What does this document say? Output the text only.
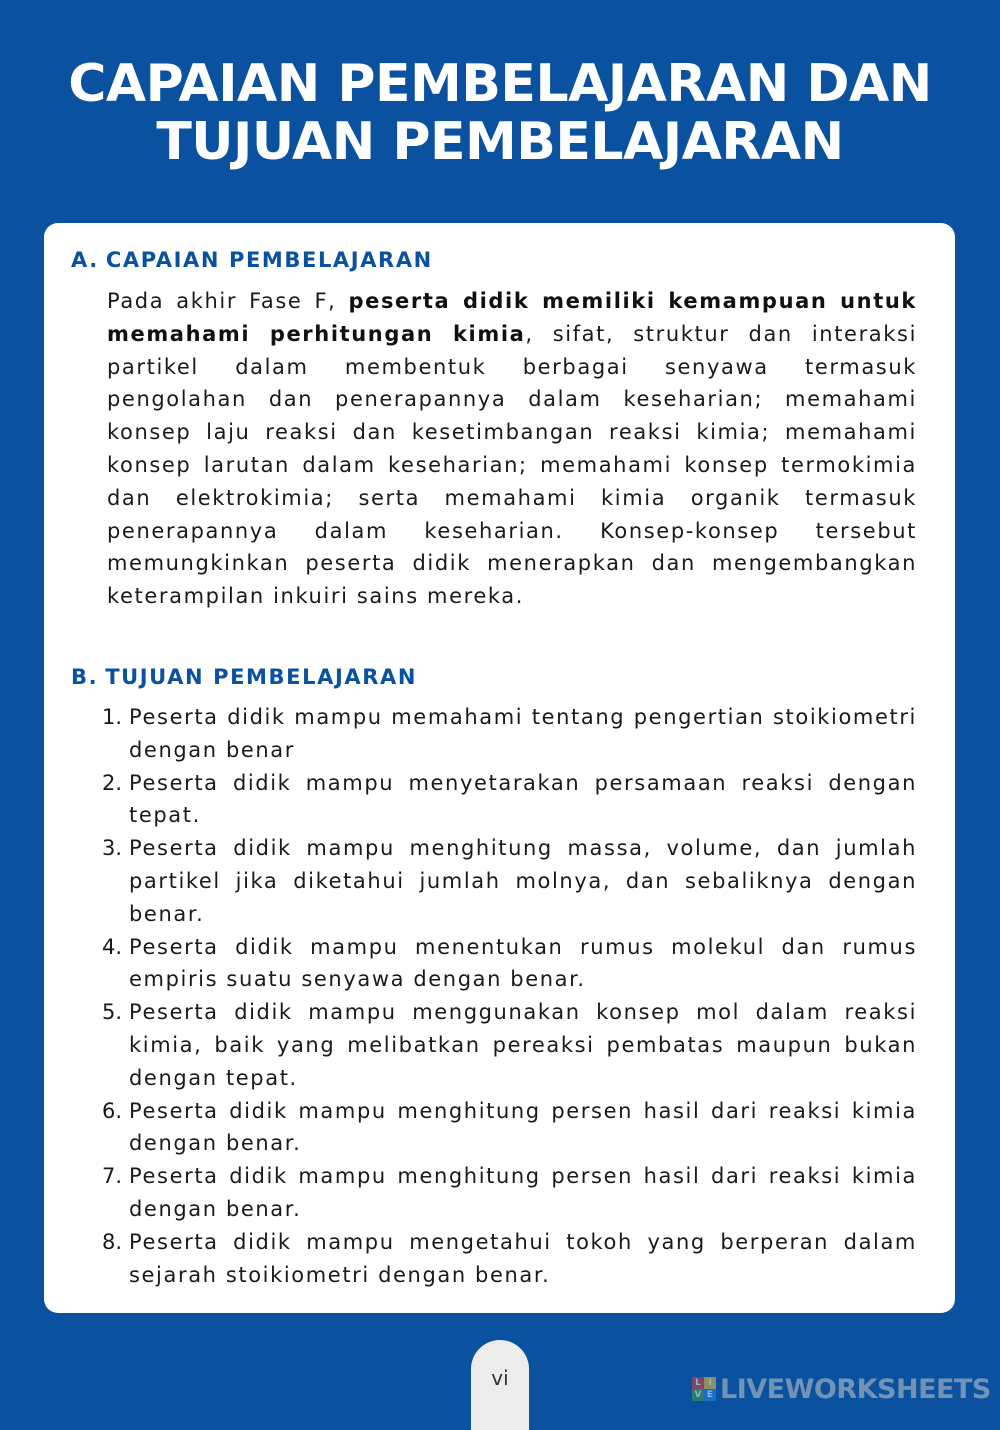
CAPAIAN PEMBELAJARAN DAN
TUJUAN PEMBELAJARAN
A. CAPAIAN PEMBELAJARAN

Pada akhir Fase F, peserta didik memiliki kemampuan untuk memahami perhitungan kimia, sifat, struktur dan interaksi partikel dalam membentuk berbagai senyawa termasuk pengolahan dan penerapannya dalam keseharian; memahami konsep laju reaksi dan kesetimbangan reaksi kimia; memahami konsep larutan dalam keseharian; memahami konsep termokimia dan elektrokimia; serta memahami kimia organik termasuk penerapannya dalam keseharian. Konsep-konsep tersebut memungkinkan peserta didik menerapkan dan mengembangkan keterampilan inkuiri sains mereka.

B. TUJUAN PEMBELAJARAN
1. Peserta didik mampu memahami tentang pengertian stoikiometri dengan benar
2. Peserta didik mampu menyetarakan persamaan reaksi dengan tepat.
3. Peserta didik mampu menghitung massa, volume, dan jumlah partikel jika diketahui jumlah molnya, dan sebaliknya dengan benar.
4. Peserta didik mampu menentukan rumus molekul dan rumus empiris suatu senyawa dengan benar.
5. Peserta didik mampu menggunakan konsep mol dalam reaksi kimia, baik yang melibatkan pereaksi pembatas maupun bukan dengan tepat.
6. Peserta didik mampu menghitung persen hasil dari reaksi kimia dengan benar.
7. Peserta didik mampu menghitung persen hasil dari reaksi kimia dengan benar.
8. Peserta didik mampu mengetahui tokoh yang berperan dalam sejarah stoikiometri dengan benar.
vi	L I
V E LIVEWORKSHEETS
